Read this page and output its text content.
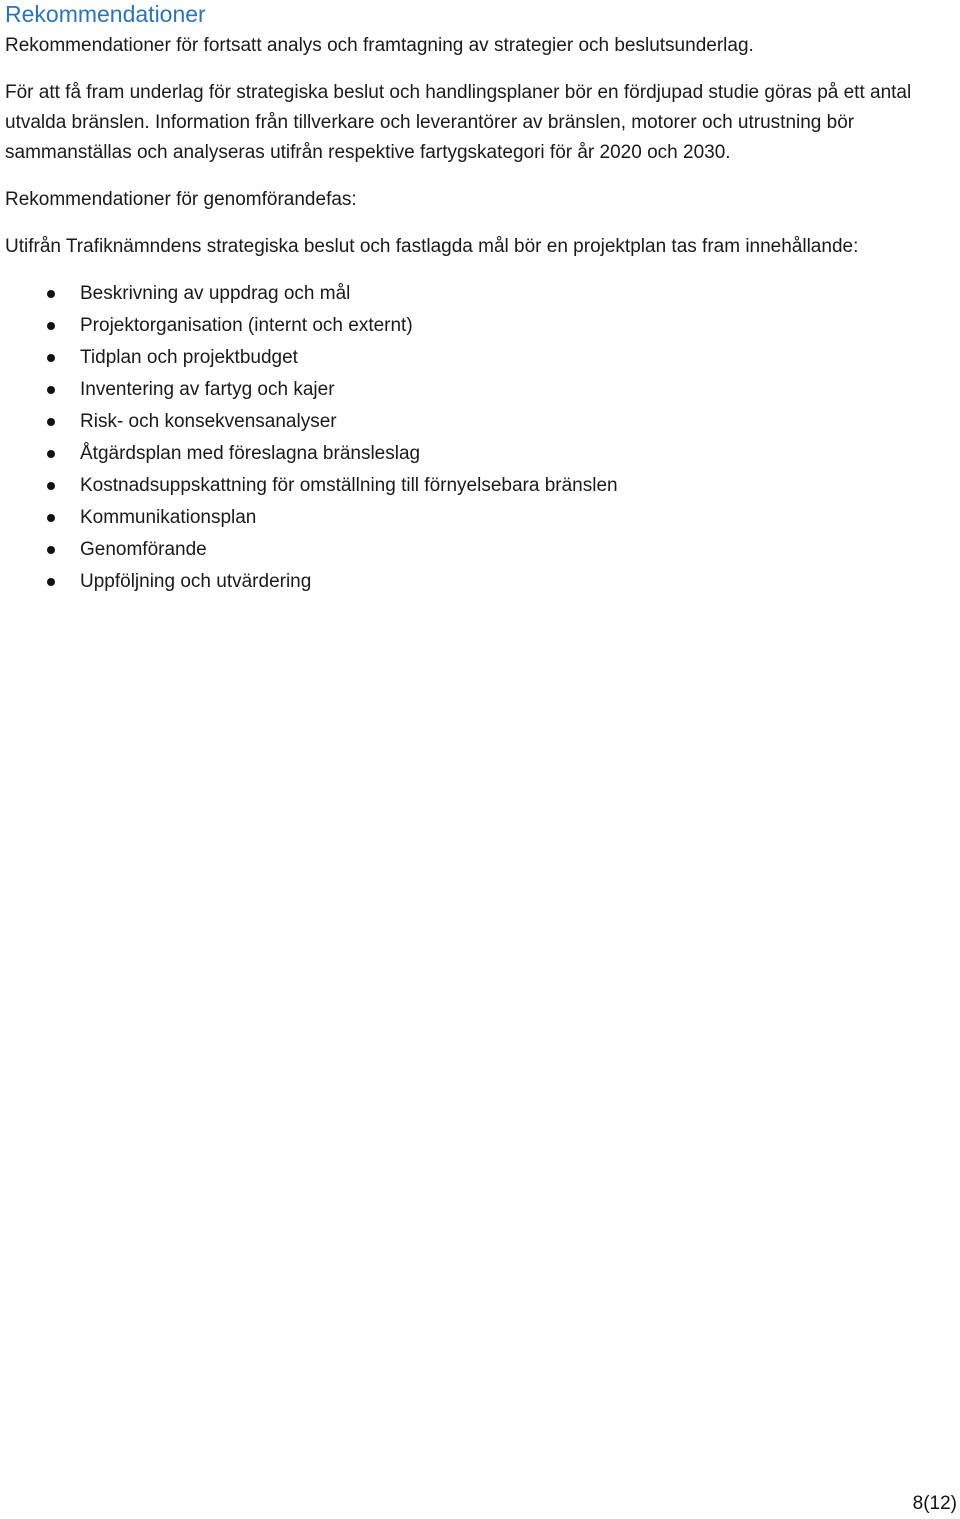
Rekommendationer

Rekommendationer för fortsatt analys och framtagning av strategier och beslutsunderlag.

För att få fram underlag för strategiska beslut och handlingsplaner bör en fördjupad studie göras på ett antal utvalda bränslen. Information från tillverkare och leverantörer av bränslen, motorer och utrustning bör sammanställas och analyseras utifrån respektive fartygskategori för år 2020 och 2030.

Rekommendationer för genomförandefas:

Utifrån Trafiknämndens strategiska beslut och fastlagda mål bör en projektplan tas fram innehållande:

Beskrivning av uppdrag och mål
Projektorganisation (internt och externt)
Tidplan och projektbudget
Inventering av fartyg och kajer
Risk- och konsekvensanalyser
Åtgärdsplan med föreslagna bränsleslag
Kostnadsuppskattning för omställning till förnyelsebara bränslen
Kommunikationsplan
Genomförande
Uppföljning och utvärdering
8(12)
